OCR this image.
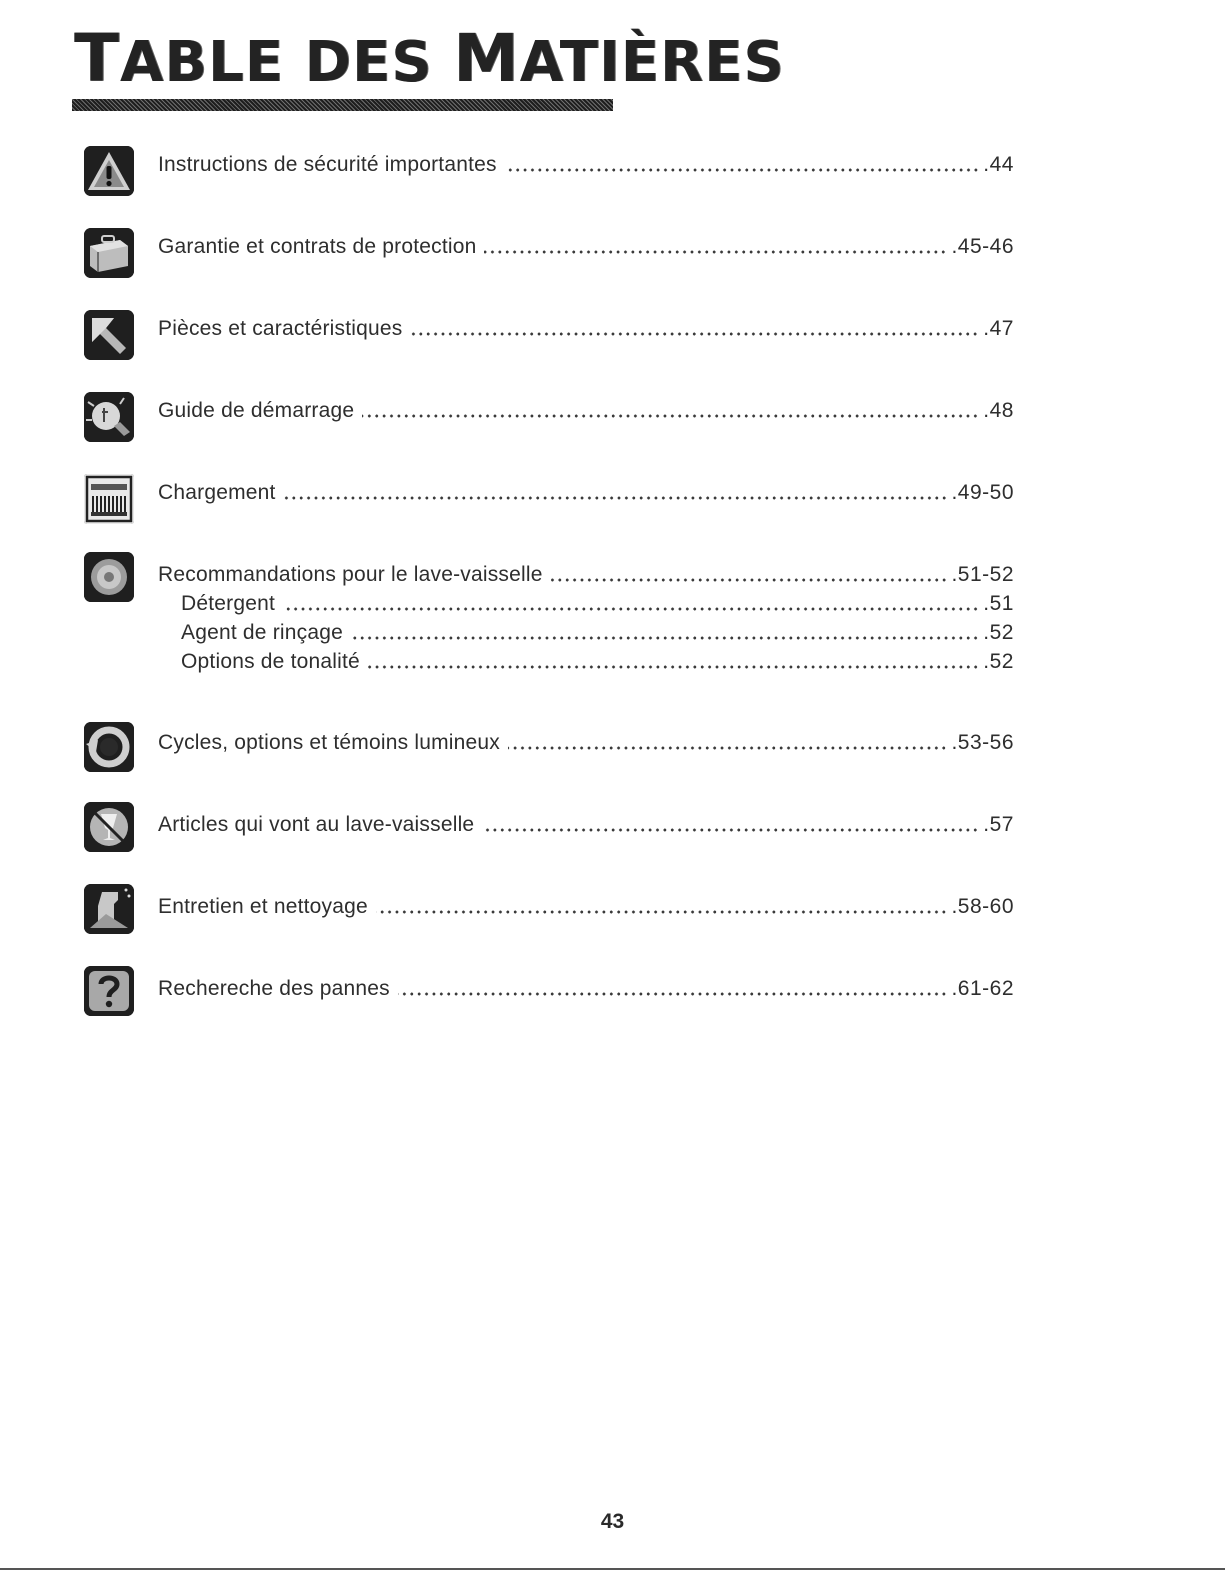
TABLE DES MATIÈRES
Instructions de sécurité importantes	.44
Garantie et contrats de protection	.45-46
Pièces et caractéristiques	.47
Guide de démarrage	.48
Chargement	.49-50
Recommandations pour le lave-vaisselle	.51-52
Détergent	.51
Agent de rinçage	.52
Options de tonalité	.52
Cycles, options et témoins lumineux	.53-56
Articles qui vont au lave-vaisselle	.57
Entretien et nettoyage	.58-60
Rechereche des pannes	.61-62
43
